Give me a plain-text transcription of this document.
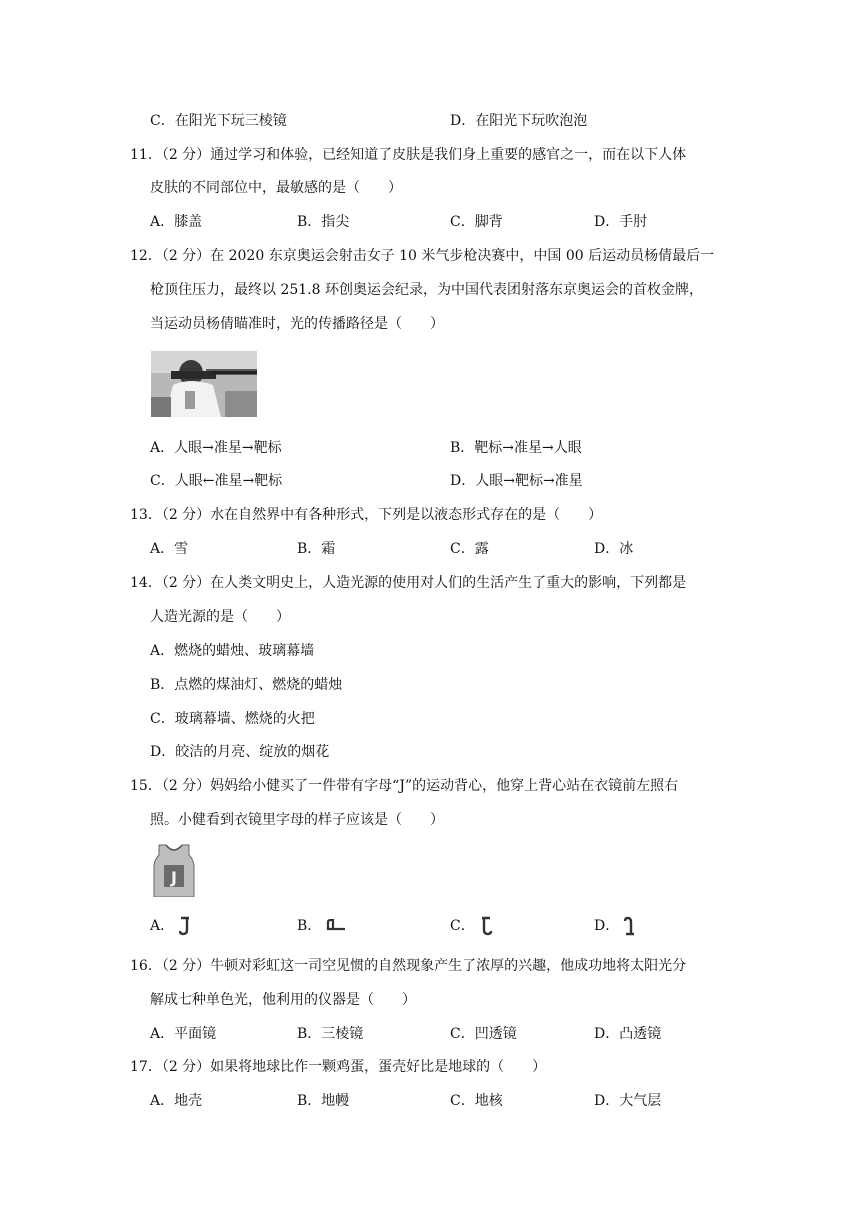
C．在阳光下玩三棱镜	D．在阳光下玩吹泡泡
11．（2 分）通过学习和体验，已经知道了皮肤是我们身上重要的感官之一，而在以下人体
皮肤的不同部位中，最敏感的是（　　）
A．膝盖	B．指尖	C．脚背	D．手肘
12．（2 分）在 2020 东京奥运会射击女子 10 米气步枪决赛中，中国 00 后运动员杨倩最后一
枪顶住压力，最终以 251.8 环创奥运会纪录，为中国代表团射落东京奥运会的首枚金牌，
当运动员杨倩瞄准时，光的传播路径是（　　）
A．人眼→准星→靶标	B．靶标→准星→人眼
C．人眼←准星→靶标	D．人眼→靶标→准星
13．（2 分）水在自然界中有各种形式，下列是以液态形式存在的是（　　）
A．雪	B．霜	C．露	D．冰
14．（2 分）在人类文明史上，人造光源的使用对人们的生活产生了重大的影响，下列都是
人造光源的是（　　）
A．燃烧的蜡烛、玻璃幕墙
B．点燃的煤油灯、燃烧的蜡烛
C．玻璃幕墙、燃烧的火把
D．皎洁的月亮、绽放的烟花
15．（2 分）妈妈给小健买了一件带有字母“J”的运动背心，他穿上背心站在衣镜前左照右
照。小健看到衣镜里字母的样子应该是（　　）
J
A．	B．	C．	D．
16．（2 分）牛顿对彩虹这一司空见惯的自然现象产生了浓厚的兴趣，他成功地将太阳光分
解成七种单色光，他利用的仪器是（　　）
A．平面镜	B．三棱镜	C．凹透镜	D．凸透镜
17．（2 分）如果将地球比作一颗鸡蛋，蛋壳好比是地球的（　　）
A．地壳	B．地幔	C．地核	D．大气层
